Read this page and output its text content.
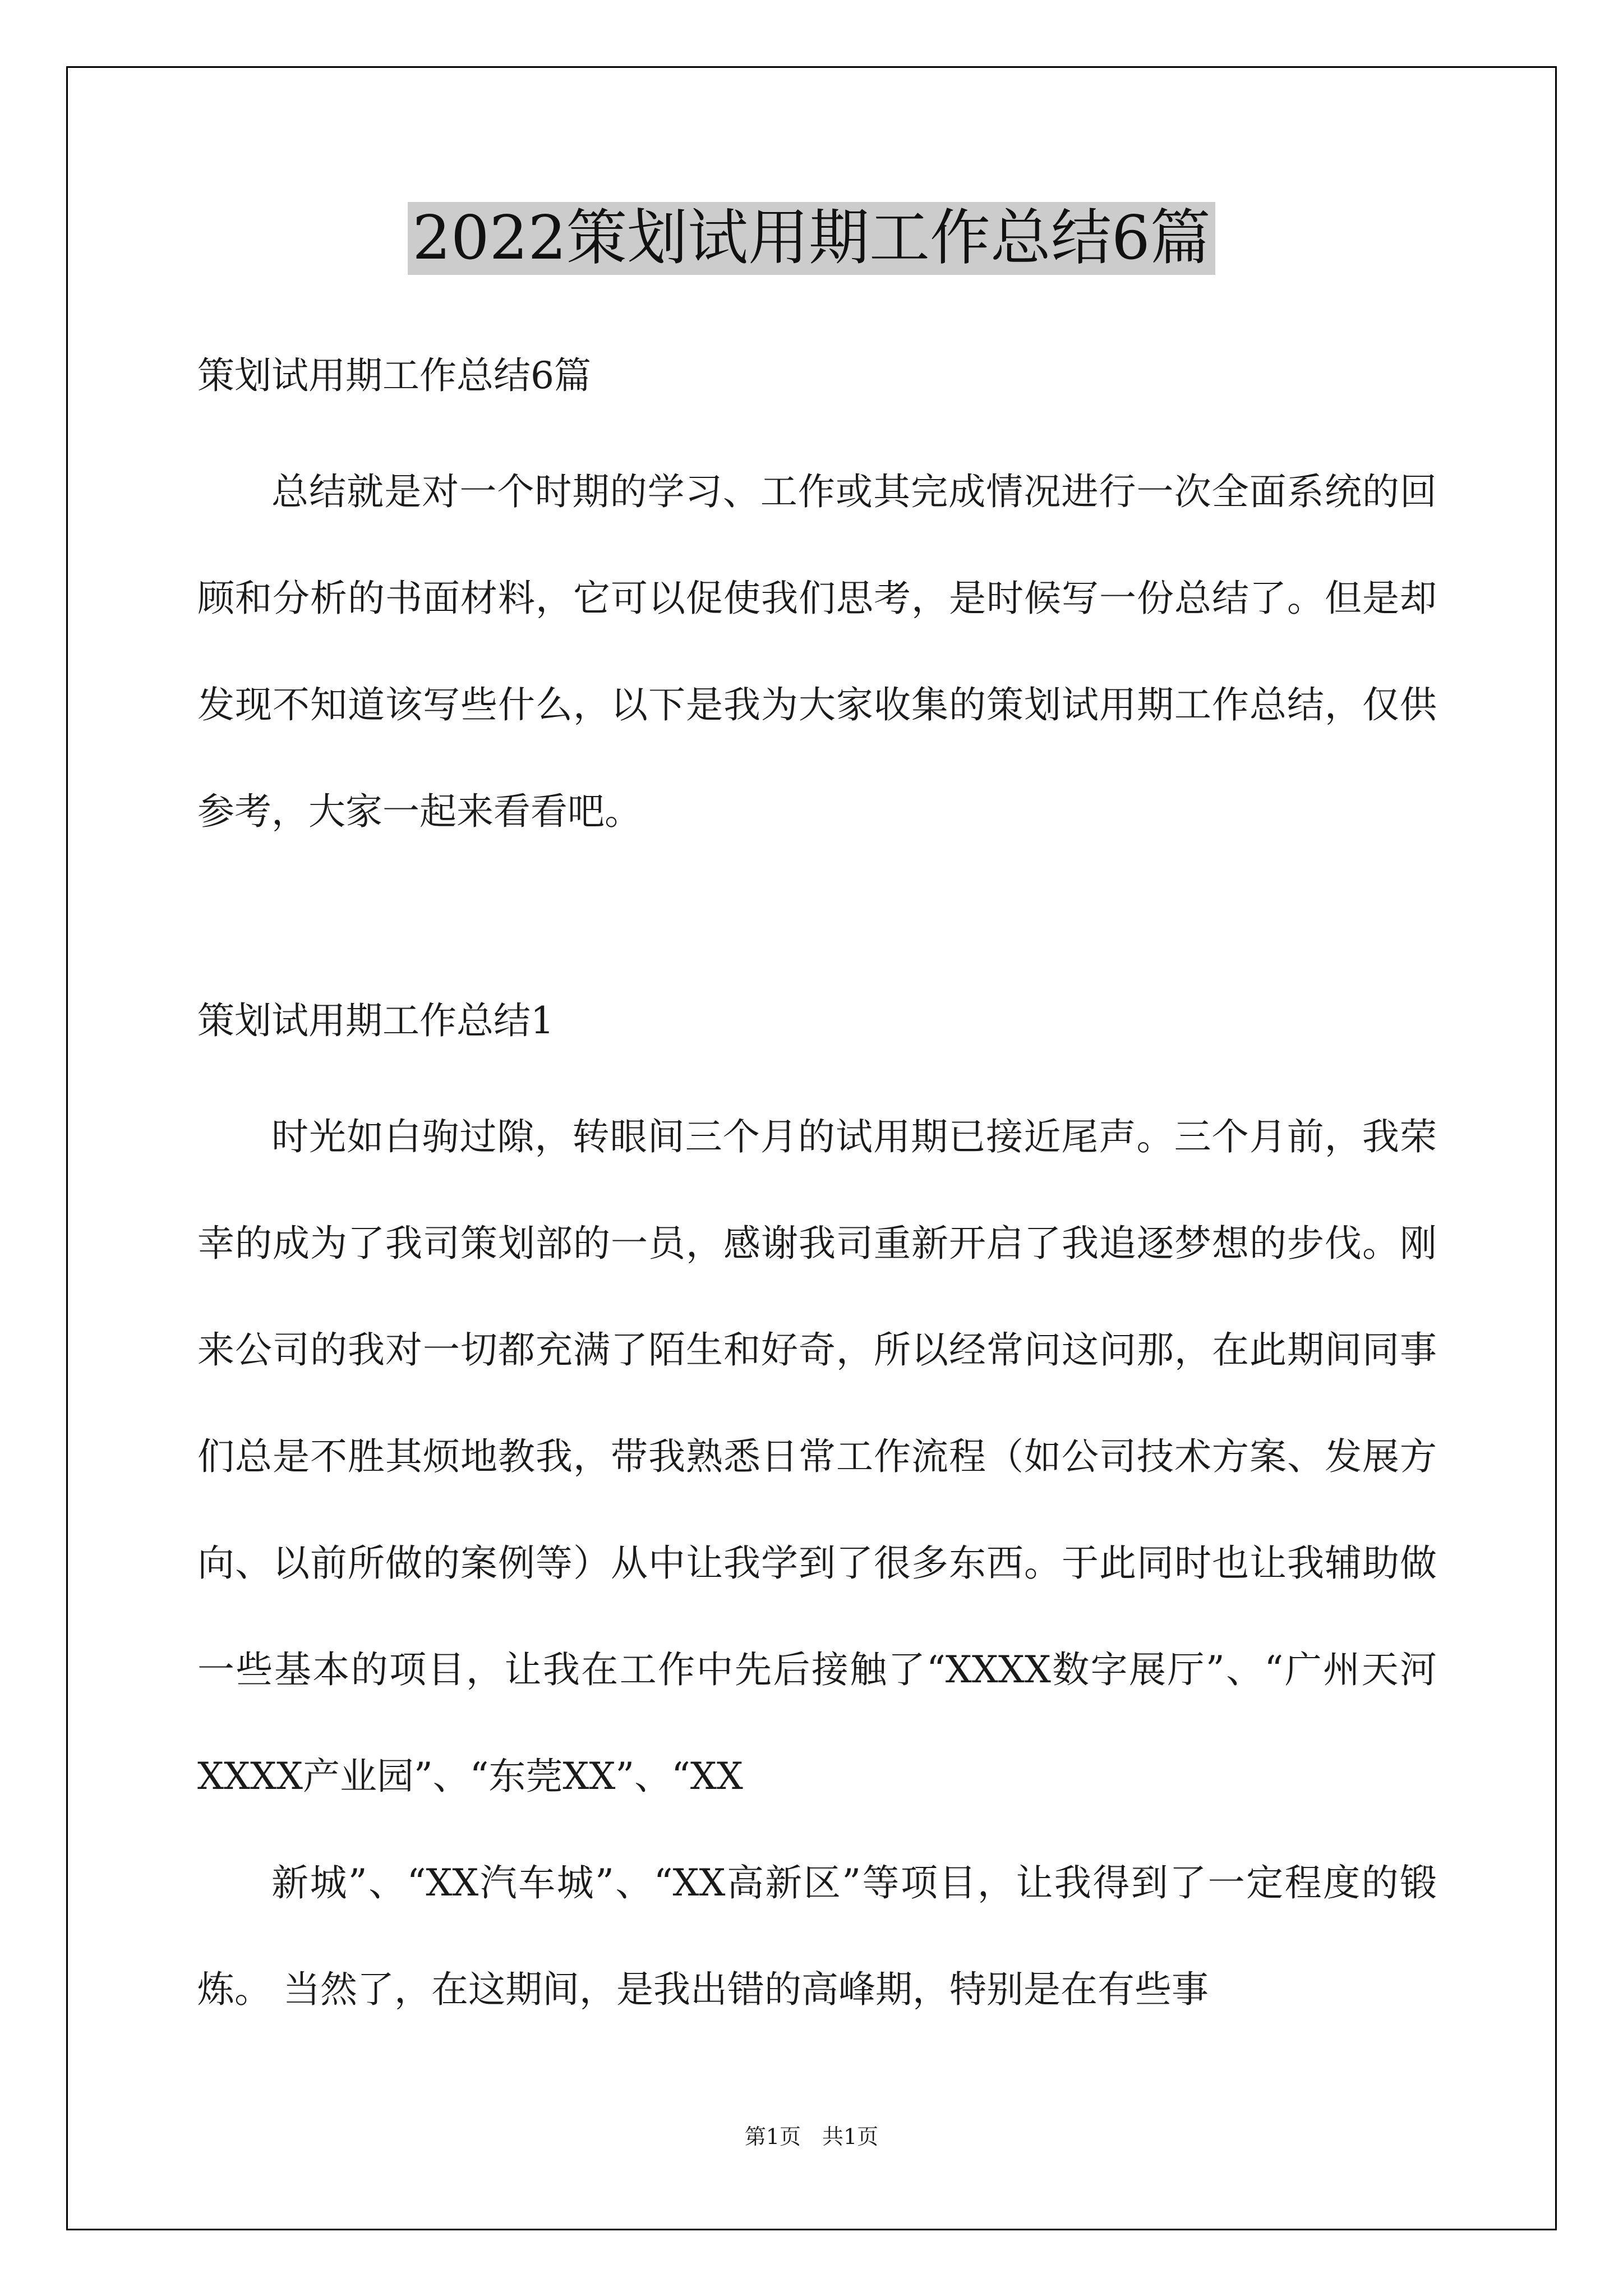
2022策划试用期工作总结6篇
策划试用期工作总结6篇

总结就是对一个时期的学习、工作或其完成情况进行一次全面系统的回顾和分析的书面材料，它可以促使我们思考，是时候写一份总结了。但是却发现不知道该写些什么，以下是我为大家收集的策划试用期工作总结，仅供参考，大家一起来看看吧。

策划试用期工作总结1

时光如白驹过隙，转眼间三个月的试用期已接近尾声。三个月前，我荣幸的成为了我司策划部的一员，感谢我司重新开启了我追逐梦想的步伐。刚来公司的我对一切都充满了陌生和好奇，所以经常问这问那，在此期间同事们总是不胜其烦地教我，带我熟悉日常工作流程（如公司技术方案、发展方向、以前所做的案例等）从中让我学到了很多东西。于此同时也让我辅助做一些基本的项目，让我在工作中先后接触了“XXXX数字展厅”、“广州天河XXXX产业园”、“东莞XX”、“XX

新城”、“XX汽车城”、“XX高新区”等项目，让我得到了一定程度的锻炼。 当然了，在这期间，是我出错的高峰期，特别是在有些事

第1页　共1页
